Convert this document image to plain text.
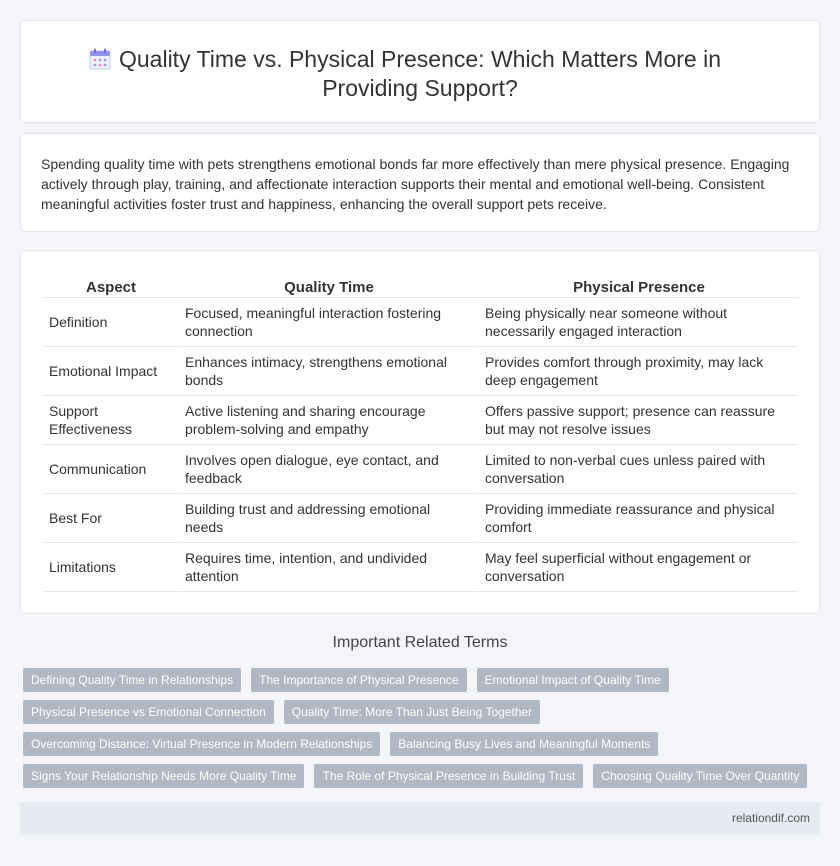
Quality Time vs. Physical Presence: Which Matters More in Providing Support?

Spending quality time with pets strengthens emotional bonds far more effectively than mere physical presence. Engaging actively through play, training, and affectionate interaction supports their mental and emotional well-being. Consistent meaningful activities foster trust and happiness, enhancing the overall support pets receive.

Aspect	Quality Time	Physical Presence
Definition	Focused, meaningful interaction fostering connection	Being physically near someone without necessarily engaged interaction
Emotional Impact	Enhances intimacy, strengthens emotional bonds	Provides comfort through proximity, may lack deep engagement
Support Effectiveness	Active listening and sharing encourage problem-solving and empathy	Offers passive support; presence can reassure but may not resolve issues
Communication	Involves open dialogue, eye contact, and feedback	Limited to non-verbal cues unless paired with conversation
Best For	Building trust and addressing emotional needs	Providing immediate reassurance and physical comfort
Limitations	Requires time, intention, and undivided attention	May feel superficial without engagement or conversation
Important Related Terms
Defining Quality Time in Relationships	The Importance of Physical Presence	Emotional Impact of Quality Time
Physical Presence vs Emotional Connection	Quality Time: More Than Just Being Together
Overcoming Distance: Virtual Presence in Modern Relationships	Balancing Busy Lives and Meaningful Moments
Signs Your Relationship Needs More Quality Time	The Role of Physical Presence in Building Trust	Choosing Quality Time Over Quantity
relationdif.com
